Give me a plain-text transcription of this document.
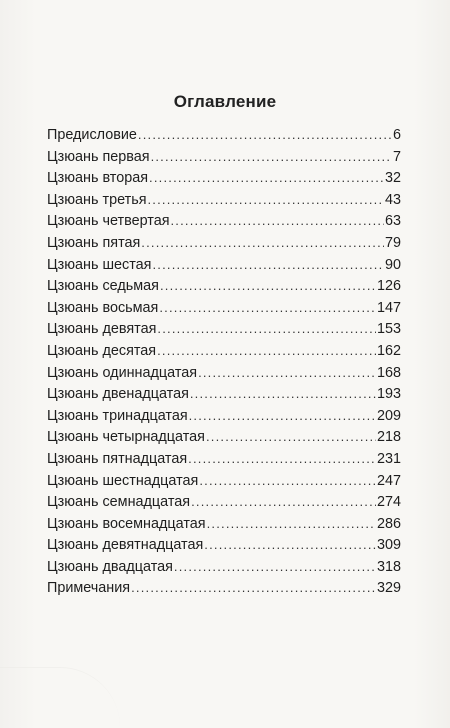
Оглавление
Предисловие .....	6
Цзюань первая .....	7
Цзюань вторая .....	32
Цзюань третья .....	43
Цзюань четвертая .....	63
Цзюань пятая .....	79
Цзюань шестая .....	90
Цзюань седьмая .....	126
Цзюань восьмая .....	147
Цзюань девятая .....	153
Цзюань десятая .....	162
Цзюань одиннадцатая .....	168
Цзюань двенадцатая .....	193
Цзюань тринадцатая .....	209
Цзюань четырнадцатая .....	218
Цзюань пятнадцатая .....	231
Цзюань шестнадцатая .....	247
Цзюань семнадцатая .....	274
Цзюань восемнадцатая .....	286
Цзюань девятнадцатая .....	309
Цзюань двадцатая .....	318
Примечания .....	329
